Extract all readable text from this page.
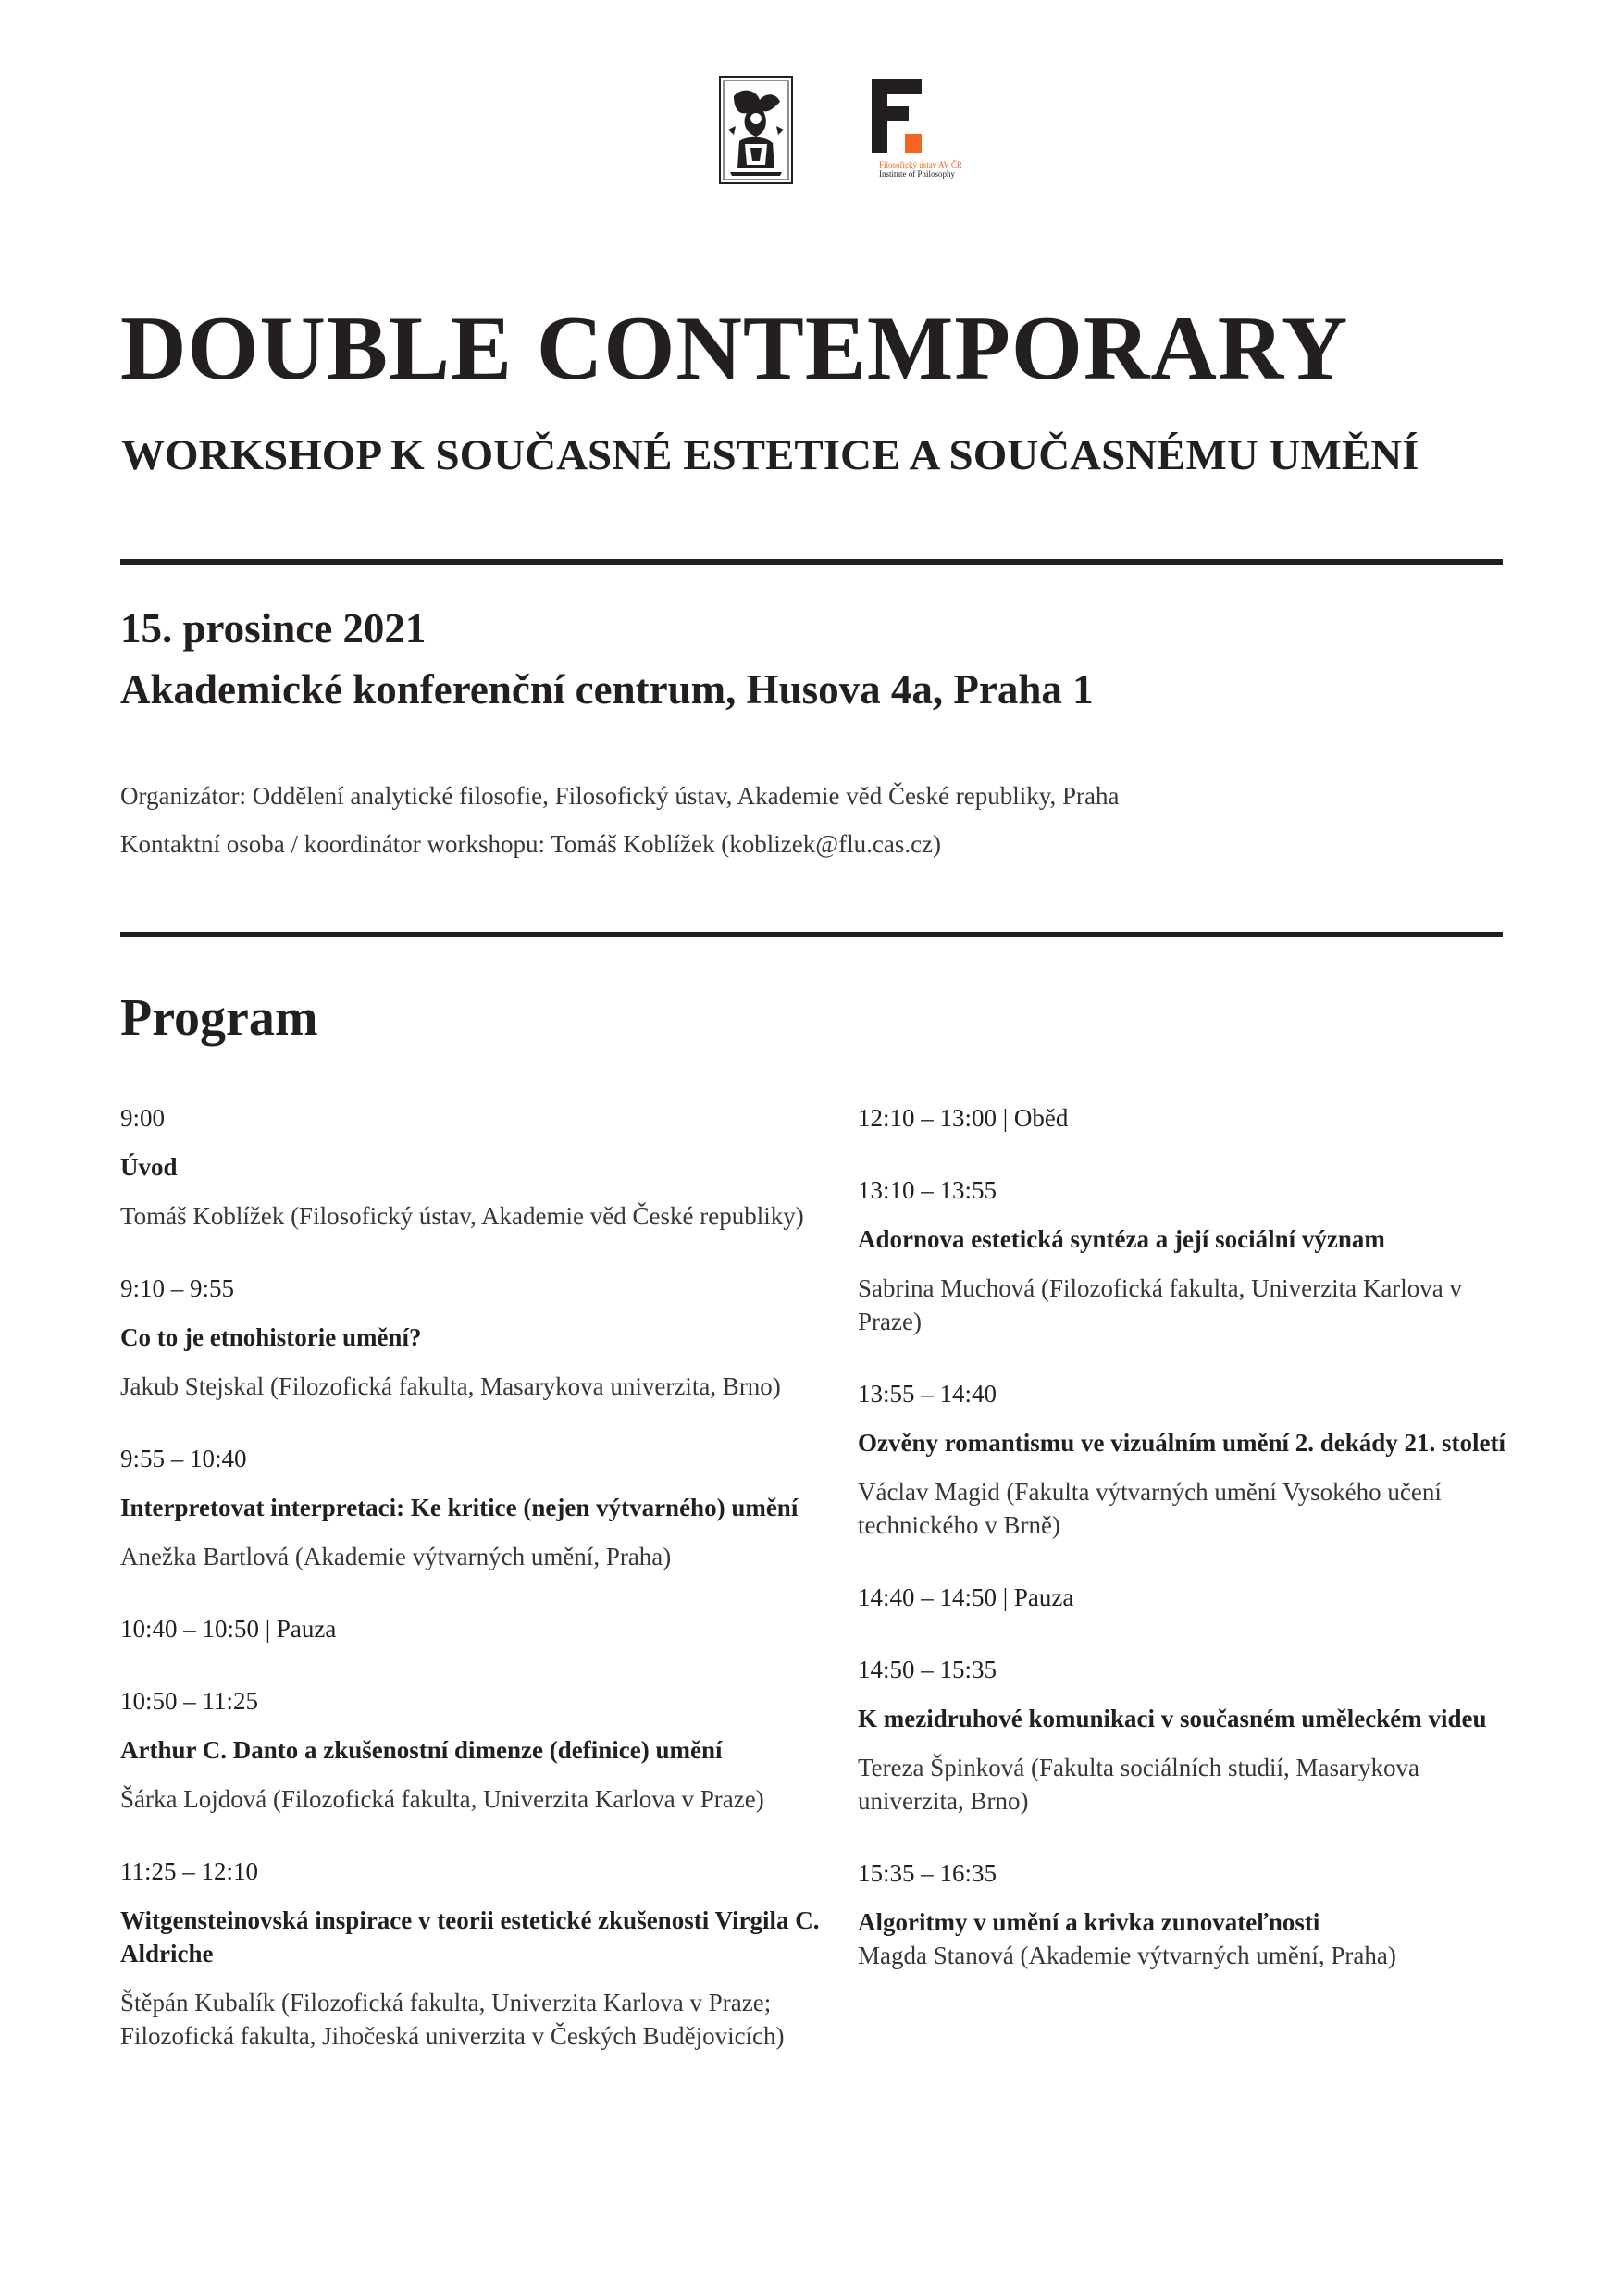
Filosofický ústav AV ČR
Institute of Philosophy
DOUBLE CONTEMPORARY
WORKSHOP K SOUČASNÉ ESTETICE A SOUČASNÉMU UMĚNÍ
15. prosince 2021
Akademické konferenční centrum, Husova 4a, Praha 1
Organizátor: Oddělení analytické filosofie, Filosofický ústav, Akademie věd České republiky, Praha
Kontaktní osoba / koordinátor workshopu: Tomáš Koblížek (koblizek@flu.cas.cz)
Program

9:00

Úvod

Tomáš Koblížek (Filosofický ústav, Akademie věd České republiky)

9:10 – 9:55

Co to je etnohistorie umění?

Jakub Stejskal (Filozofická fakulta, Masarykova univerzita, Brno)

9:55 – 10:40

Interpretovat interpretaci: Ke kritice (nejen výtvarného) umění

Anežka Bartlová (Akademie výtvarných umění, Praha)

10:40 – 10:50 | Pauza

10:50 – 11:25

Arthur C. Danto a zkušenostní dimenze (definice) umění

Šárka Lojdová (Filozofická fakulta, Univerzita Karlova v Praze)

11:25 – 12:10

Witgensteinovská inspirace v teorii estetické zkušenosti Virgila C. Aldriche

Štěpán Kubalík (Filozofická fakulta, Univerzita Karlova v Praze; Filozofická fakulta, Jihočeská univerzita v Českých Budějovicích)

12:10 – 13:00 | Oběd

13:10 – 13:55

Adornova estetická syntéza a její sociální význam

Sabrina Muchová (Filozofická fakulta, Univerzita Karlova v Praze)

13:55 – 14:40

Ozvěny romantismu ve vizuálním umění 2. dekády 21. století

Václav Magid (Fakulta výtvarných umění Vysokého učení technického v Brně)

14:40 – 14:50 | Pauza

14:50 – 15:35

K mezidruhové komunikaci v současném uměleckém videu

Tereza Špinková (Fakulta sociálních studií, Masarykova univerzita, Brno)

15:35 – 16:35

Algoritmy v umění a krivka zunovateľnosti

Magda Stanová (Akademie výtvarných umění, Praha)
